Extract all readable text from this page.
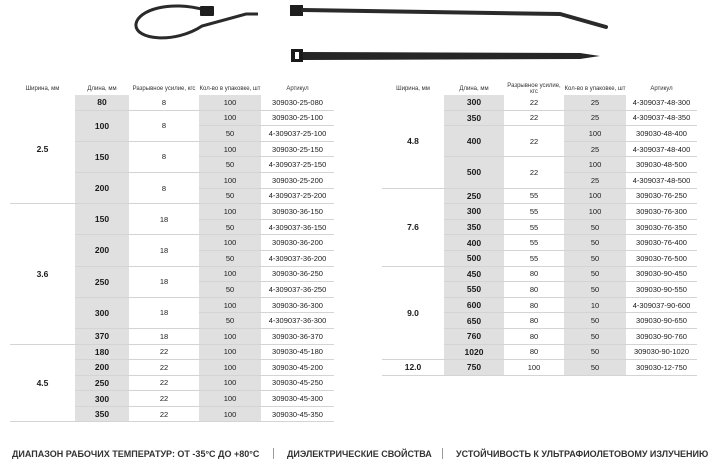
Ширина, мм	Длина, мм	Разрывное усилие, кгс	Кол-во в упаковке, шт	Артикул
2.5	80	8	100	309030-25-080
	100	8	100	309030-25-100
			50	4-309037-25-100
	150	8	100	309030-25-150
			50	4-309037-25-150
	200	8	100	309030-25-200
			50	4-309037-25-200
3.6	150	18	100	309030-36-150
			50	4-309037-36-150
	200	18	100	309030-36-200
			50	4-309037-36-200
	250	18	100	309030-36-250
			50	4-309037-36-250
	300	18	100	309030-36-300
			50	4-309037-36-300
	370	18	100	309030-36-370
4.5	180	22	100	309030-45-180
	200	22	100	309030-45-200
	250	22	100	309030-45-250
	300	22	100	309030-45-300
	350	22	100	309030-45-350
Ширина, мм	Длина, мм	Разрывное усилие, кгс	Кол-во в упаковке, шт	Артикул
4.8	300	22	25	4-309037-48-300
	350	22	25	4-309037-48-350
	400	22	100	309030-48-400
			25	4-309037-48-400
	500	22	100	309030-48-500
			25	4-309037-48-500
7.6	250	55	100	309030-76-250
	300	55	100	309030-76-300
	350	55	50	309030-76-350
	400	55	50	309030-76-400
	500	55	50	309030-76-500
9.0	450	80	50	309030-90-450
	550	80	50	309030-90-550
	600	80	10	4-309037-90-600
	650	80	50	309030-90-650
	760	80	50	309030-90-760
	1020	80	50	309030-90-1020
12.0	750	100	50	309030-12-750
ДИАПАЗОН РАБОЧИХ ТЕМПЕРАТУР: ОТ -35°С ДО +80°С	ДИЭЛЕКТРИЧЕСКИЕ СВОЙСТВА	УСТОЙЧИВОСТЬ К УЛЬТРАФИОЛЕТОВОМУ ИЗЛУЧЕНИЮ
